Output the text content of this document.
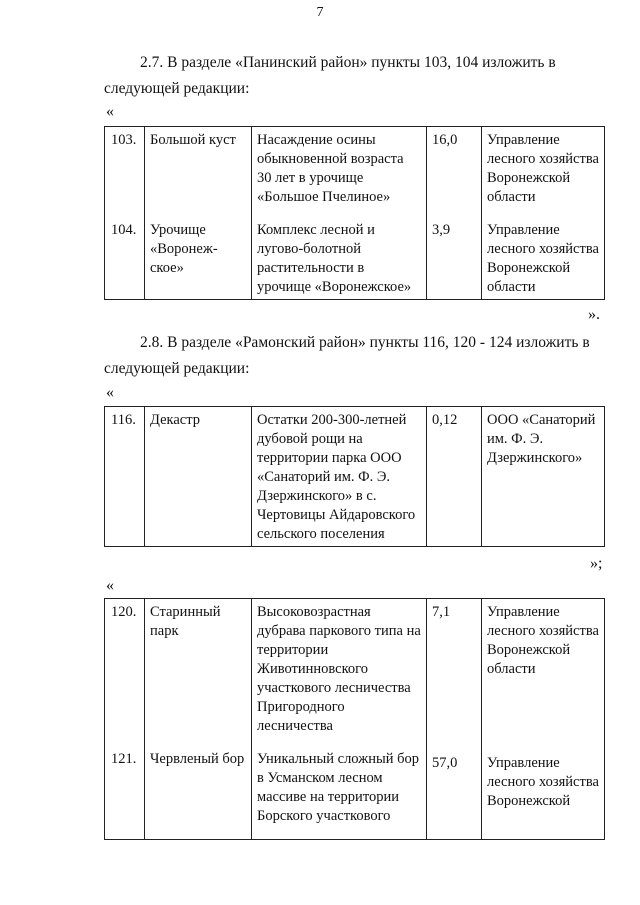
7
2.7. В разделе «Панинский район» пункты 103, 104 изложить в
следующей редакции:
«
103.	Большой куст	Насаждение осины обыкновенной возраста 30 лет в урочище «Большое Пчелиное»	16,0	Управление лесного хозяйства Воронежской области
104.	Урочище «Воронеж-ское»	Комплекс лесной и лугово-болотной растительности в урочище «Воронежское»	3,9	Управление лесного хозяйства Воронежской области
».
2.8. В разделе «Рамонский район» пункты 116, 120 - 124 изложить в
следующей редакции:
«
116.	Декастр	Остатки 200-300-летней дубовой рощи на территории парка ООО «Санаторий им. Ф. Э. Дзержинского» в с. Чертовицы Айдаровского сельского поселения	0,12	ООО «Санаторий им. Ф. Э. Дзержинского»
»;
«
120.	Старинный парк	Высоковозрастная дубрава паркового типа на территории Животинновского участкового лесничества Пригородного лесничества	7,1	Управление лесного хозяйства Воронежской области
121.	Червленый бор	Уникальный сложный бор в Усманском лесном массиве на территории Борского участкового	57,0	Управление лесного хозяйства Воронежской
